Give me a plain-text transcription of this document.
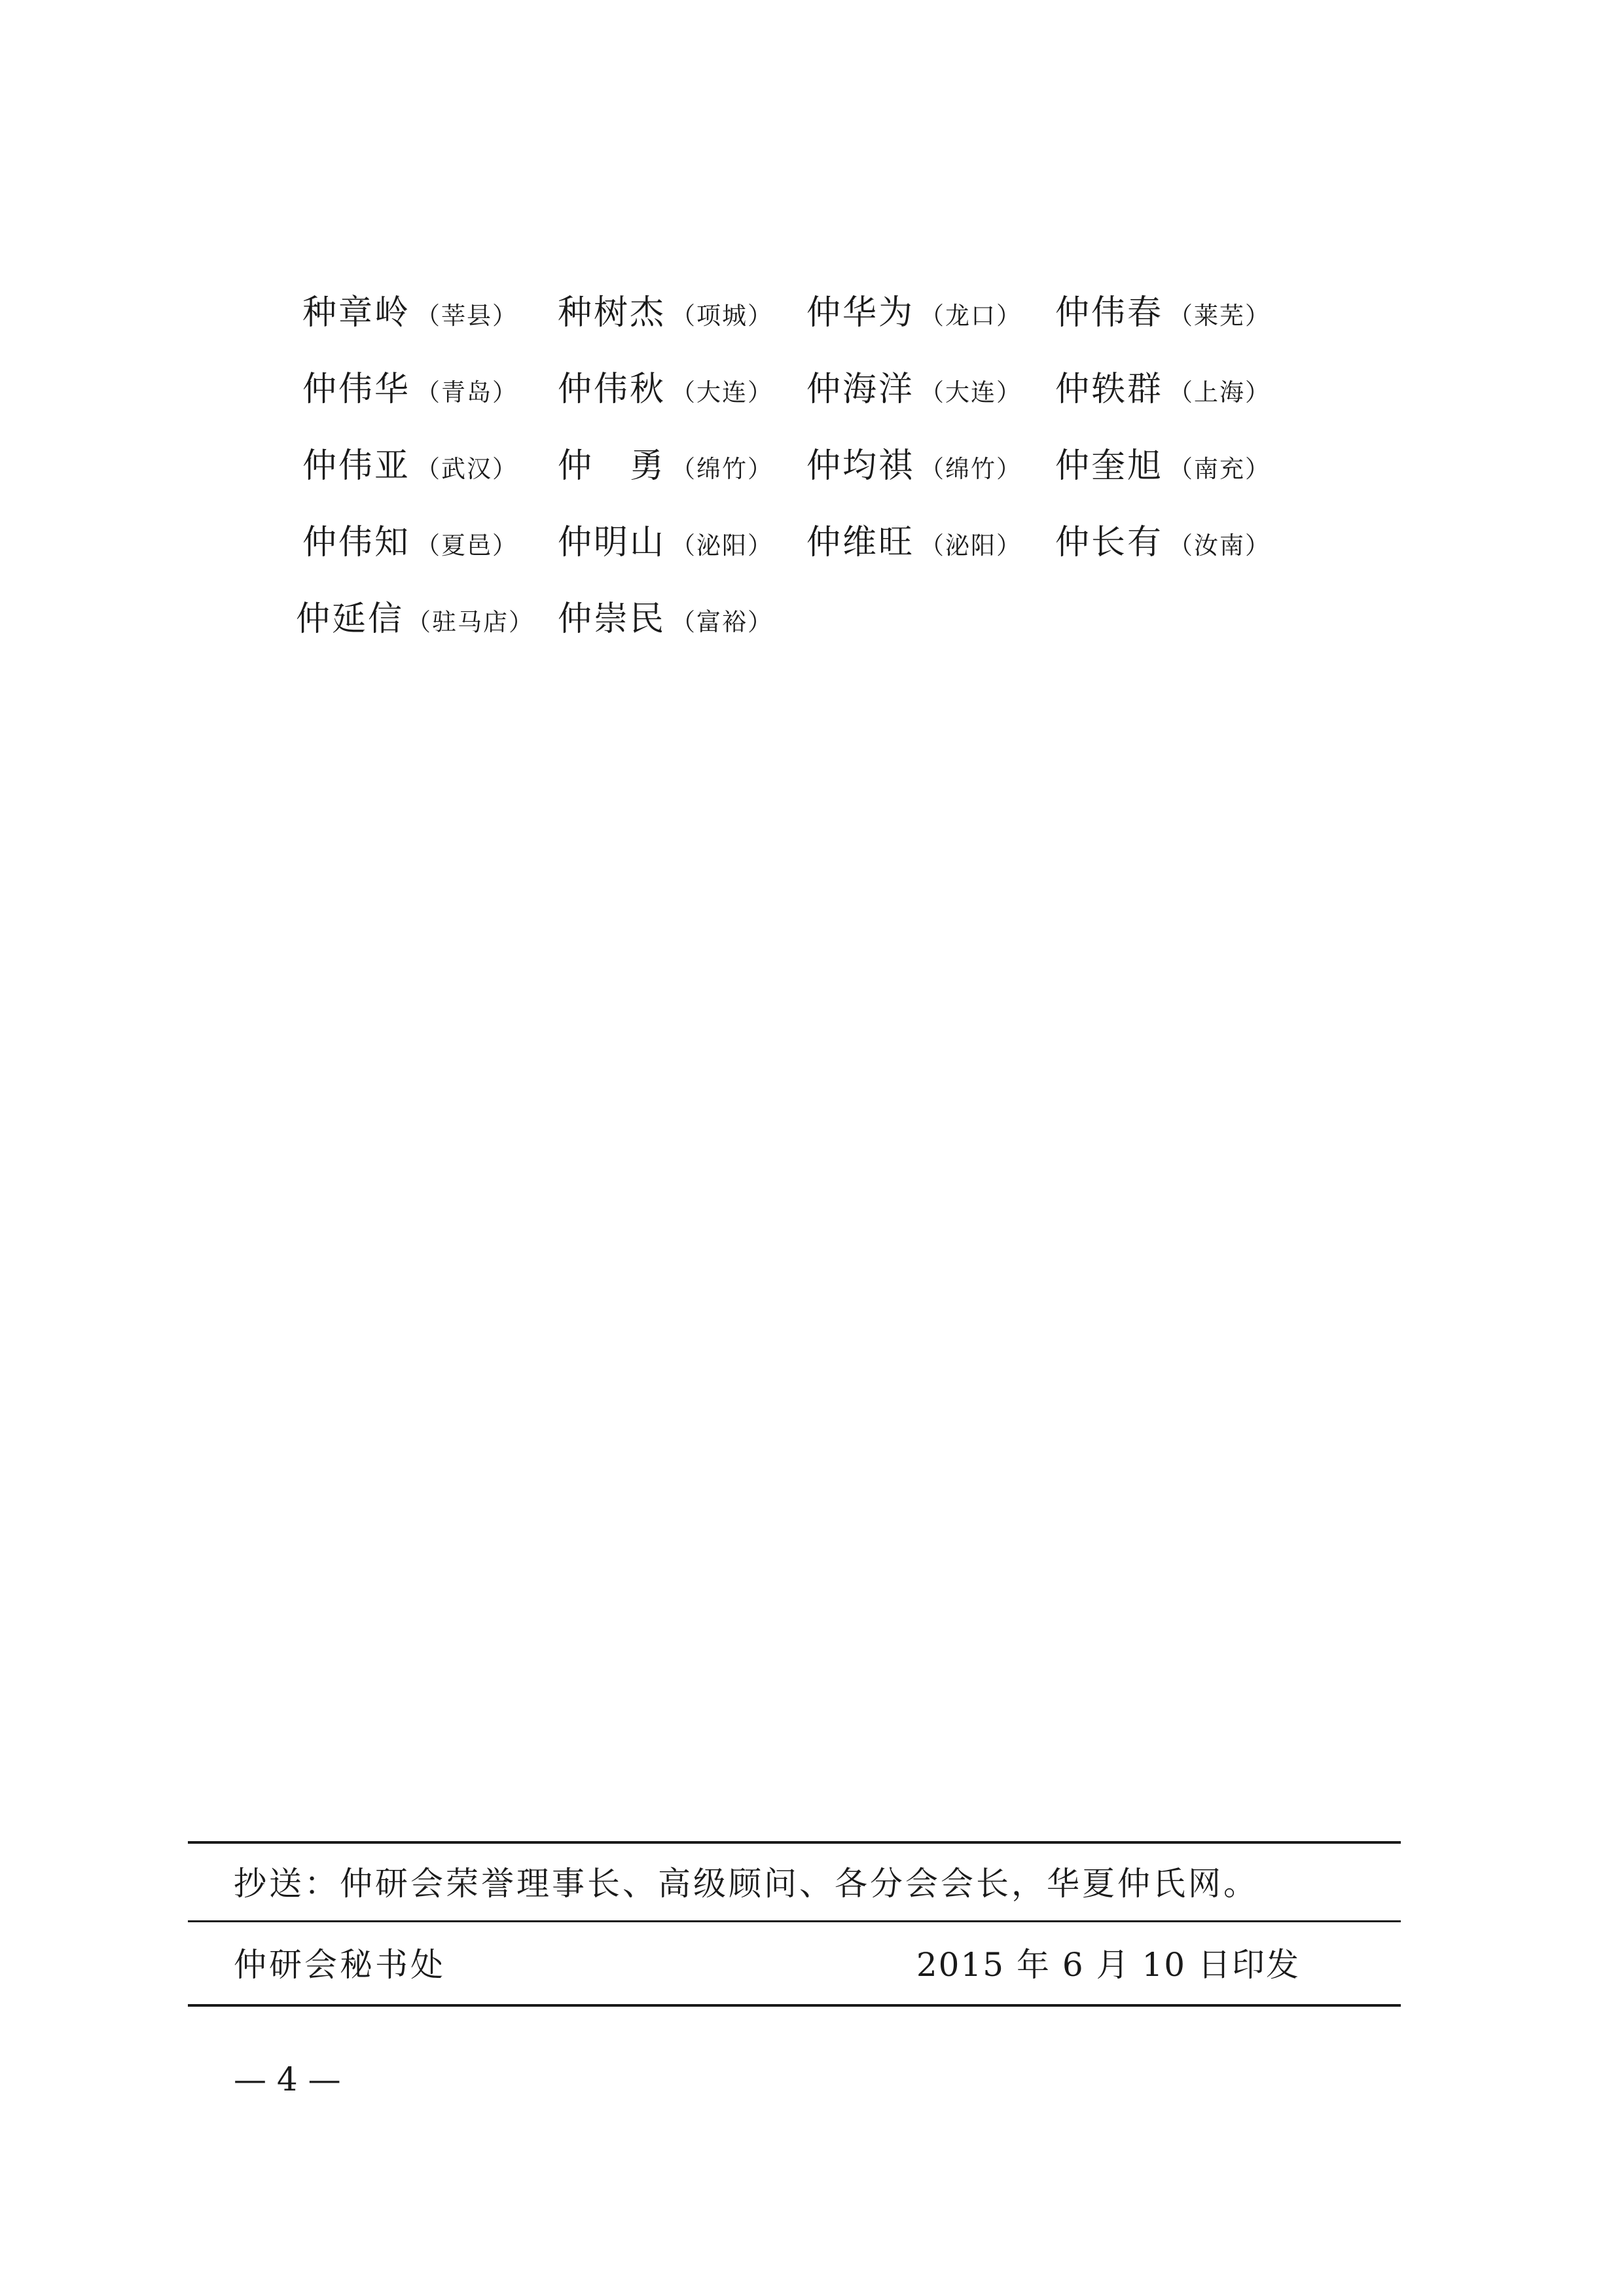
种章岭 （莘县） 种树杰 （项城） 仲华为 （龙口） 仲伟春 （莱芜）
仲伟华 （青岛） 仲伟秋 （大连） 仲海洋 （大连） 仲轶群 （上海）
仲伟亚 （武汉） 仲　勇 （绵竹） 仲均祺 （绵竹） 仲奎旭 （南充）
仲伟知 （夏邑） 仲明山 （泌阳） 仲维旺 （泌阳） 仲长有 （汝南）
仲延信 （驻马店） 仲崇民 （富裕）
抄送：仲研会荣誉理事长、高级顾问、各分会会长，华夏仲氏网。
仲研会秘书处	2015 年 6 月 10 日印发
— 4 —
